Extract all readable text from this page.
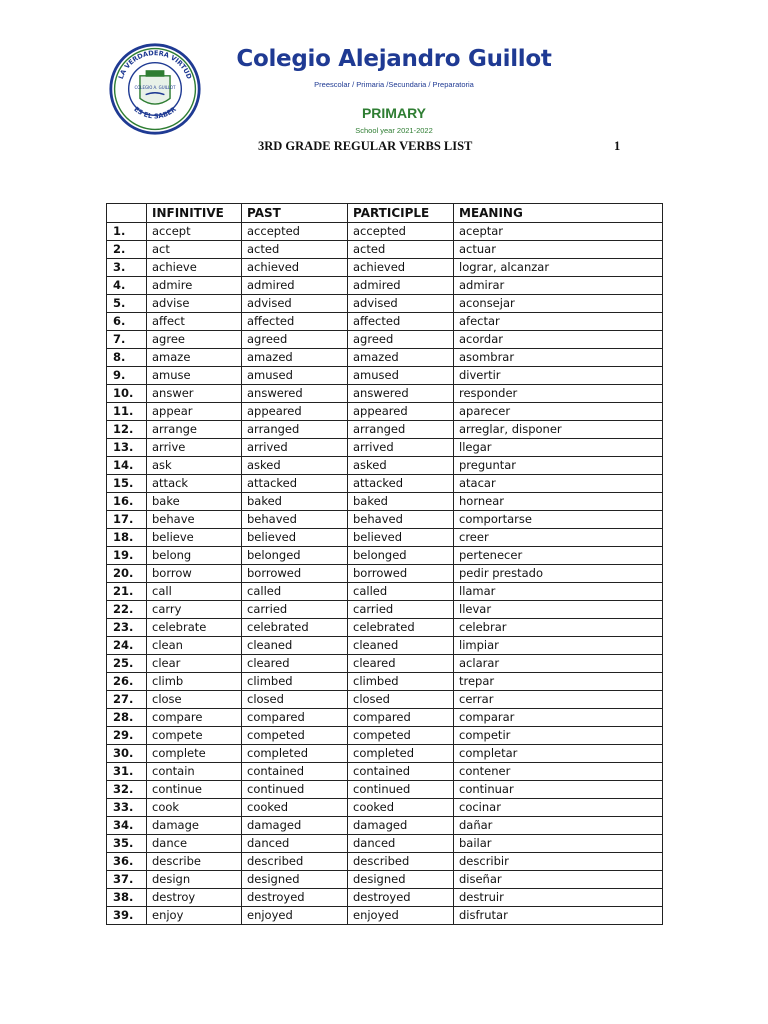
LA VERDADERA VIRTUD
ES EL SABER
COLEGIO A. GUILLOT
Colegio Alejandro Guillot
Preescolar / Primaria /Secundaria / Preparatoria
PRIMARY
School year 2021-2022
3RD GRADE REGULAR VERBS LIST	1
	INFINITIVE	PAST	PARTICIPLE	MEANING
1.	accept	accepted	accepted	aceptar
2.	act	acted	acted	actuar
3.	achieve	achieved	achieved	lograr, alcanzar
4.	admire	admired	admired	admirar
5.	advise	advised	advised	aconsejar
6.	affect	affected	affected	afectar
7.	agree	agreed	agreed	acordar
8.	amaze	amazed	amazed	asombrar
9.	amuse	amused	amused	divertir
10.	answer	answered	answered	responder
11.	appear	appeared	appeared	aparecer
12.	arrange	arranged	arranged	arreglar, disponer
13.	arrive	arrived	arrived	llegar
14.	ask	asked	asked	preguntar
15.	attack	attacked	attacked	atacar
16.	bake	baked	baked	hornear
17.	behave	behaved	behaved	comportarse
18.	believe	believed	believed	creer
19.	belong	belonged	belonged	pertenecer
20.	borrow	borrowed	borrowed	pedir prestado
21.	call	called	called	llamar
22.	carry	carried	carried	llevar
23.	celebrate	celebrated	celebrated	celebrar
24.	clean	cleaned	cleaned	limpiar
25.	clear	cleared	cleared	aclarar
26.	climb	climbed	climbed	trepar
27.	close	closed	closed	cerrar
28.	compare	compared	compared	comparar
29.	compete	competed	competed	competir
30.	complete	completed	completed	completar
31.	contain	contained	contained	contener
32.	continue	continued	continued	continuar
33.	cook	cooked	cooked	cocinar
34.	damage	damaged	damaged	dañar
35.	dance	danced	danced	bailar
36.	describe	described	described	describir
37.	design	designed	designed	diseñar
38.	destroy	destroyed	destroyed	destruir
39.	enjoy	enjoyed	enjoyed	disfrutar
